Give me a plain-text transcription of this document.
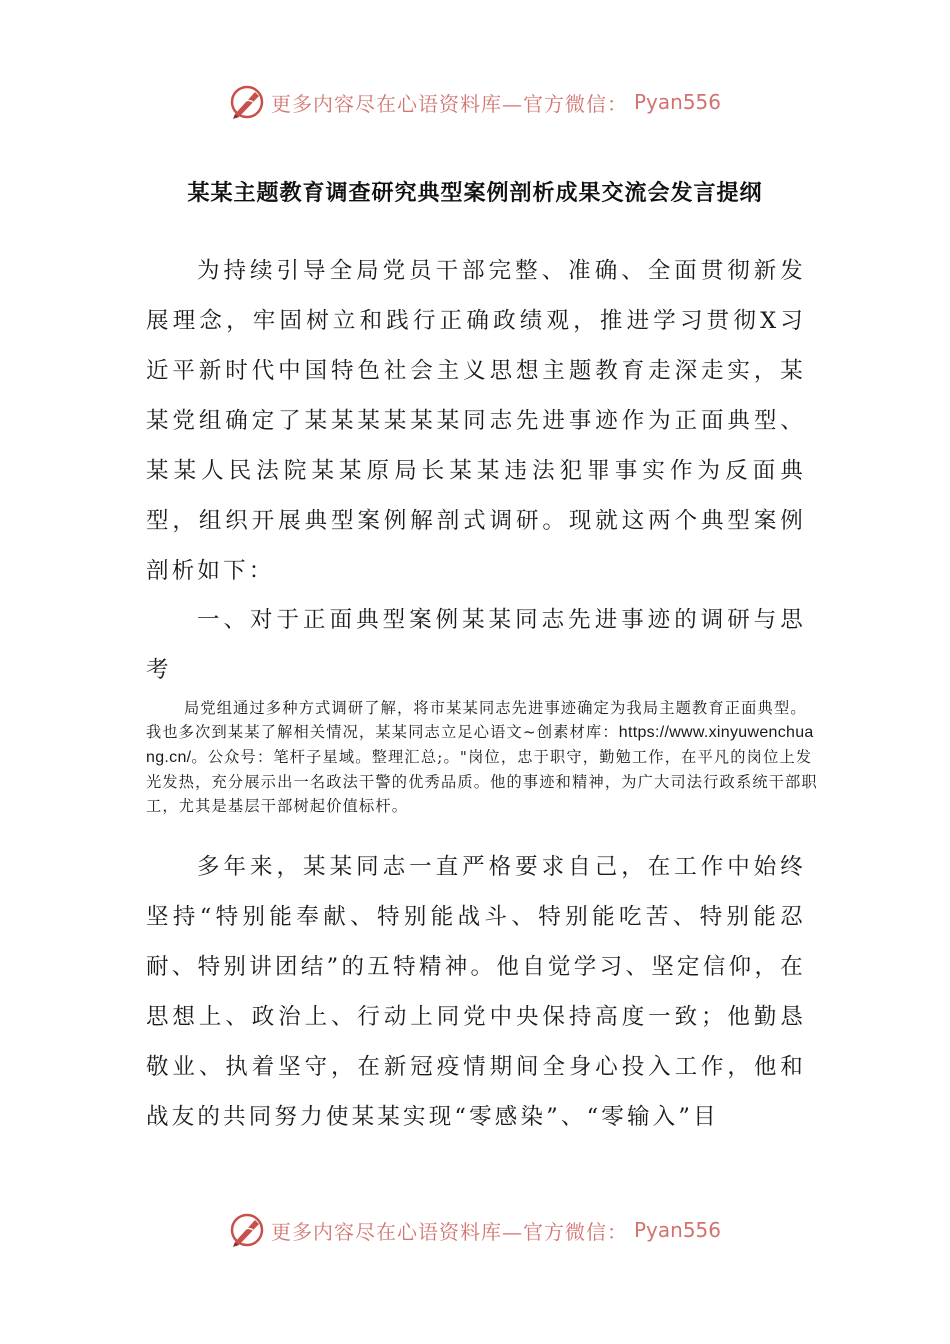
更多内容尽在心语资料库—官方微信： Pyan556
某某主题教育调查研究典型案例剖析成果交流会发言提纲
为持续引导全局党员干部完整、准确、全面贯彻新发展理念，牢固树立和践行正确政绩观，推进学习贯彻X习近平新时代中国特色社会主义思想主题教育走深走实，某某党组确定了某某某某某某同志先进事迹作为正面典型、某某人民法院某某原局长某某违法犯罪事实作为反面典型，组织开展典型案例解剖式调研。现就这两个典型案例剖析如下：
一、对于正面典型案例某某同志先进事迹的调研与思考
局党组通过多种方式调研了解，将市某某同志先进事迹确定为我局主题教育正面典型。我也多次到某某了解相关情况，某某同志立足心语文~创素材库：https://www.xinyuwenchuang.cn/。公众号：笔杆子星域。整理汇总;。"岗位，忠于职守，勤勉工作，在平凡的岗位上发光发热，充分展示出一名政法干警的优秀品质。他的事迹和精神，为广大司法行政系统干部职工，尤其是基层干部树起价值标杆。
多年来，某某同志一直严格要求自己，在工作中始终坚持“特别能奉献、特别能战斗、特别能吃苦、特别能忍耐、特别讲团结”的五特精神。他自觉学习、坚定信仰，在思想上、政治上、行动上同党中央保持高度一致；他勤恳敬业、执着坚守，在新冠疫情期间全身心投入工作，他和战友的共同努力使某某实现“零感染”、“零输入”目
更多内容尽在心语资料库—官方微信： Pyan556
